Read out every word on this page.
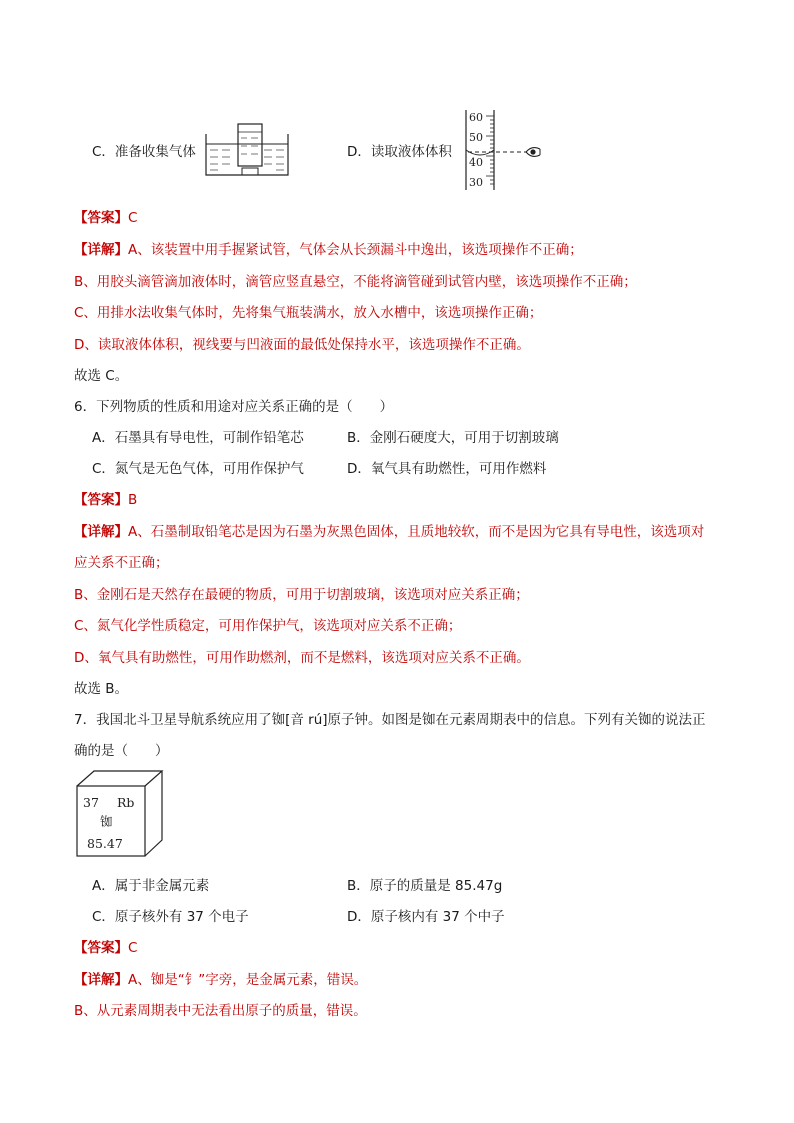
C．准备收集气体	D．读取液体体积
60
50
40
30
【答案】C
【详解】A、该装置中用手握紧试管，气体会从长颈漏斗中逸出，该选项操作不正确；
B、用胶头滴管滴加液体时，滴管应竖直悬空，不能将滴管碰到试管内壁，该选项操作不正确；
C、用排水法收集气体时，先将集气瓶装满水，放入水槽中，该选项操作正确；
D、读取液体体积，视线要与凹液面的最低处保持水平，该选项操作不正确。
故选 C。
6．下列物质的性质和用途对应关系正确的是（　　）
A．石墨具有导电性，可制作铅笔芯	B．金刚石硬度大，可用于切割玻璃
C．氮气是无色气体，可用作保护气	D．氧气具有助燃性，可用作燃料
【答案】B
【详解】A、石墨制取铅笔芯是因为石墨为灰黑色固体，且质地较软，而不是因为它具有导电性，该选项对
应关系不正确；
B、金刚石是天然存在最硬的物质，可用于切割玻璃，该选项对应关系正确；
C、氮气化学性质稳定，可用作保护气，该选项对应关系不正确；
D、氧气具有助燃性，可用作助燃剂，而不是燃料，该选项对应关系不正确。
故选 B。
7．我国北斗卫星导航系统应用了铷[音 rú]原子钟。如图是铷在元素周期表中的信息。下列有关铷的说法正
确的是（　　）
37 Rb
铷
85.47
A．属于非金属元素	B．原子的质量是 85.47g
C．原子核外有 37 个电子	D．原子核内有 37 个中子
【答案】C
【详解】A、铷是“钅”字旁，是金属元素，错误。
B、从元素周期表中无法看出原子的质量，错误。
